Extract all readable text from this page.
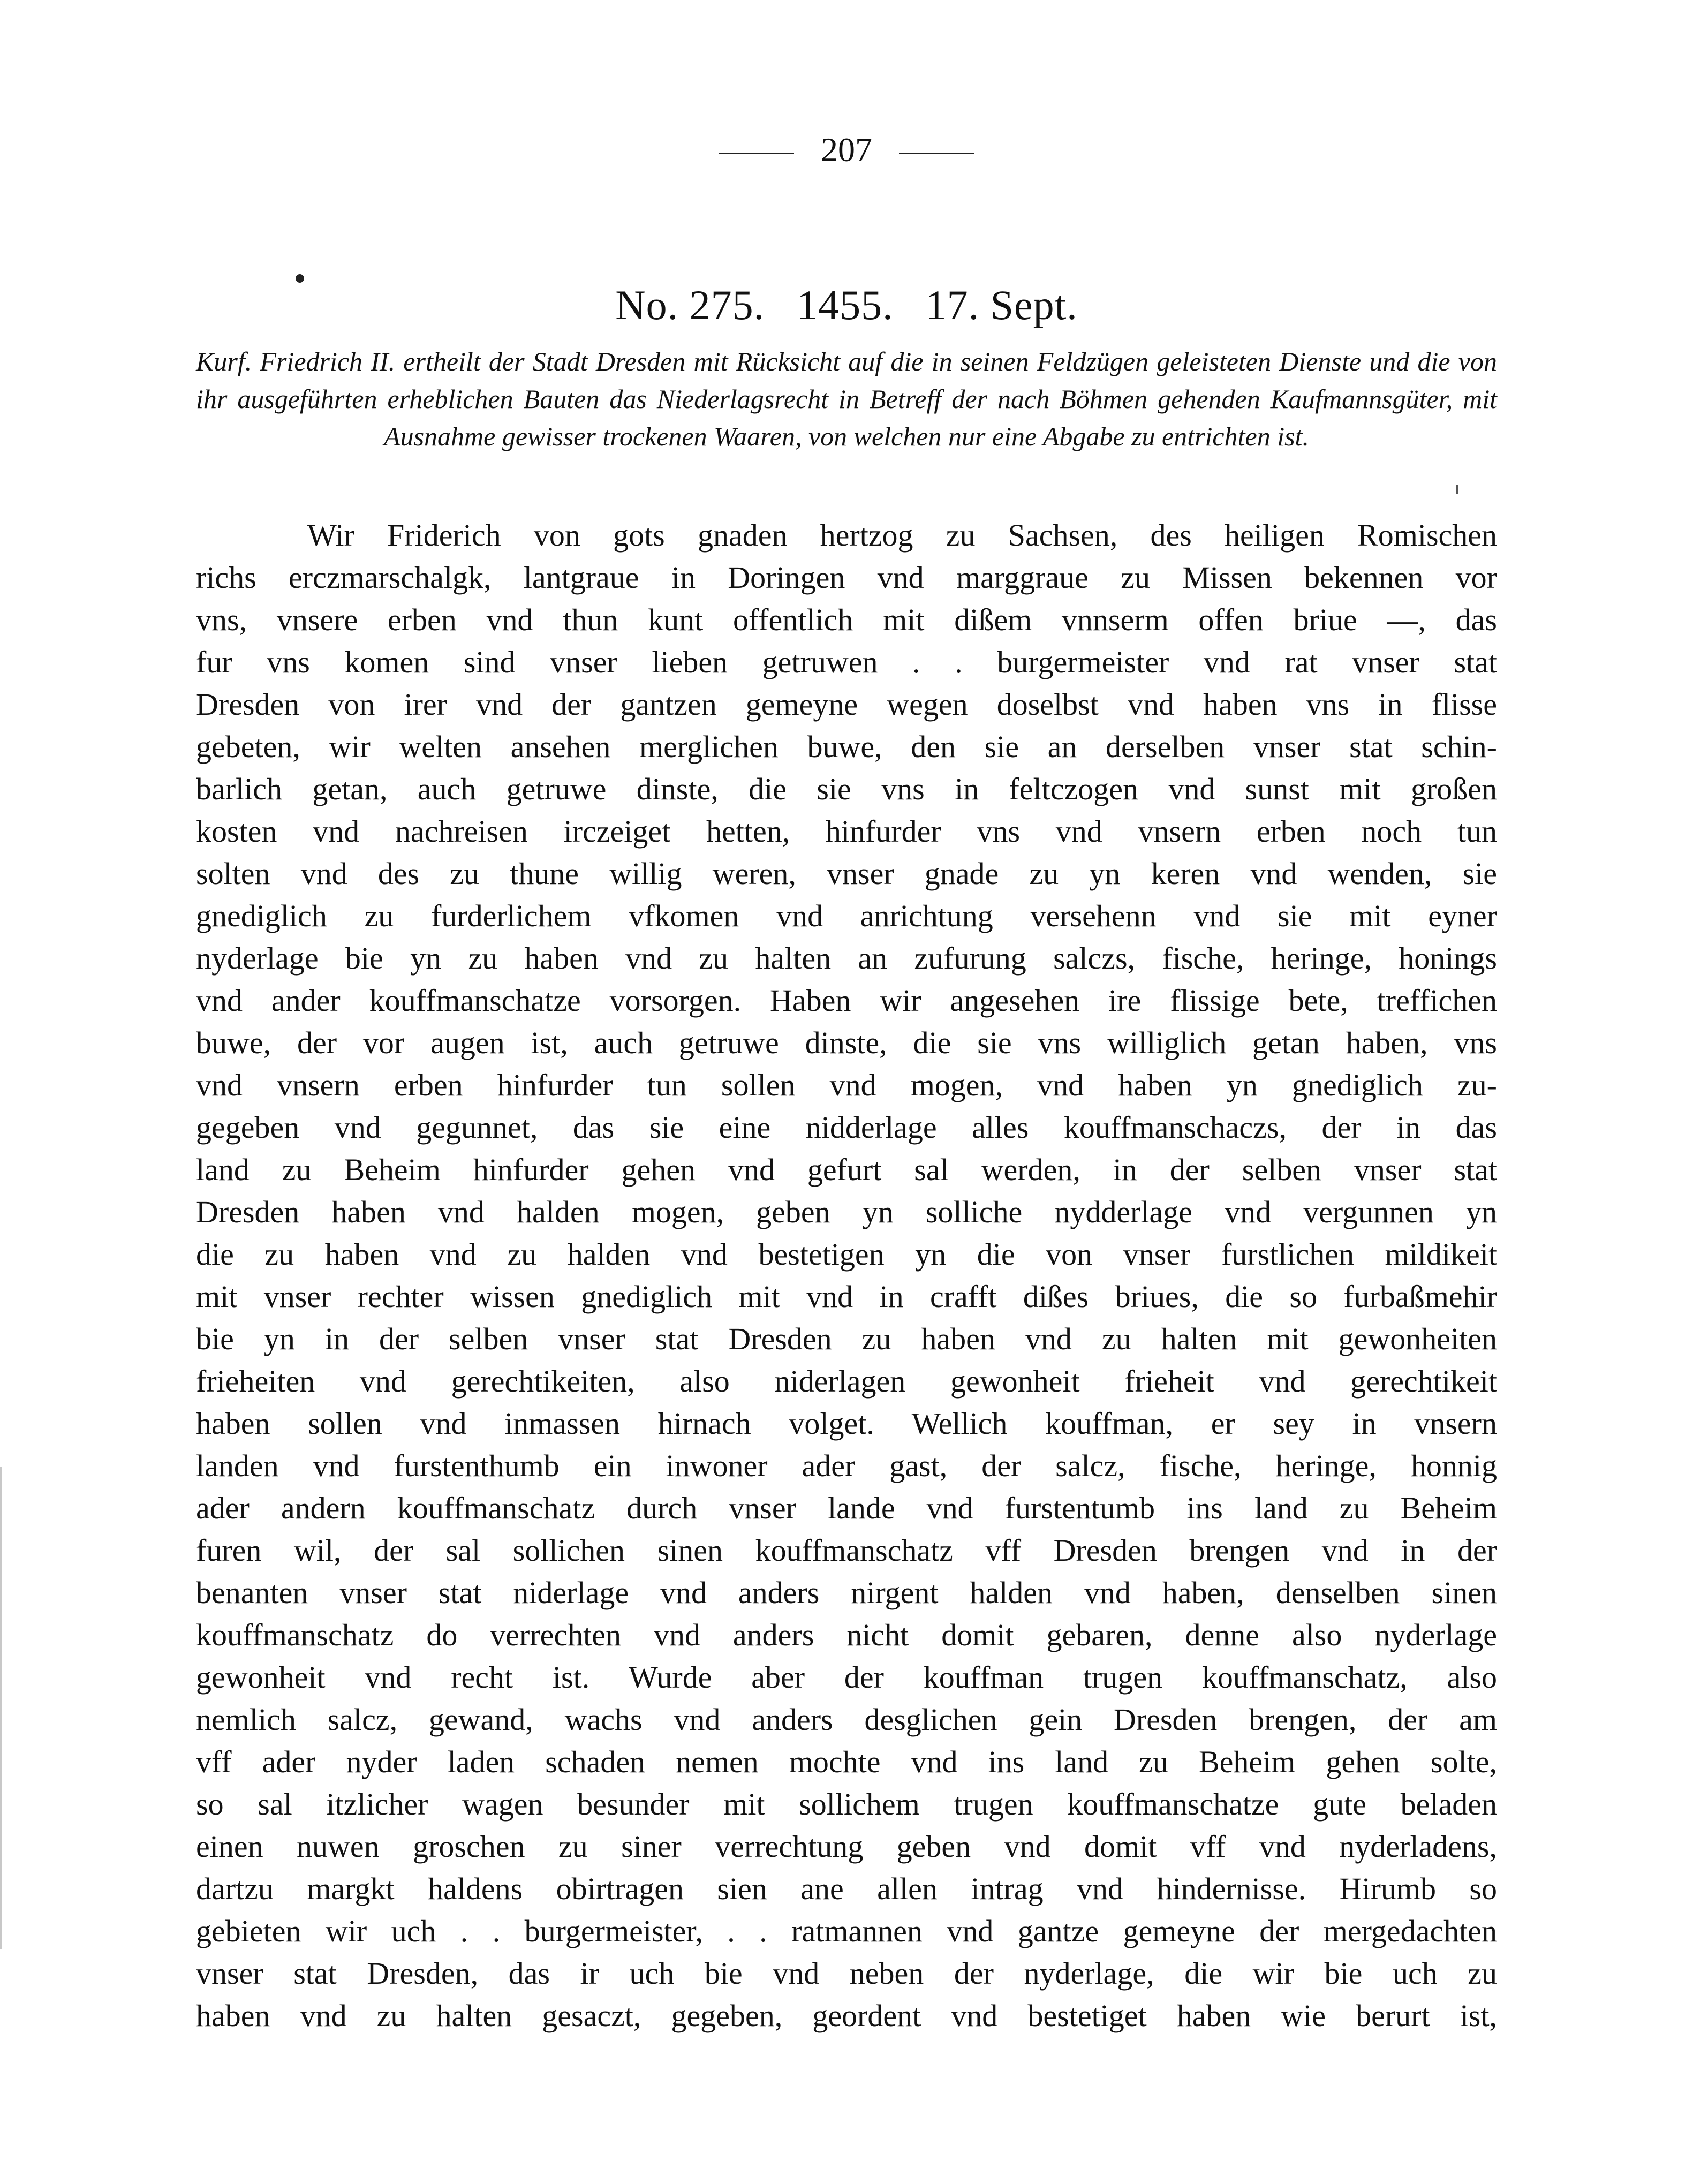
207
No. 275. 1455. 17. Sept.
Kurf. Friedrich II. ertheilt der Stadt Dresden mit Rücksicht auf die in seinen Feldzügen geleisteten Dienste und die von ihr ausgeführten erheblichen Bauten das Niederlagsrecht in Betreff der nach Böhmen gehenden Kaufmannsgüter, mit Ausnahme gewisser trockenen Waaren, von welchen nur eine Abgabe zu entrichten ist.
Wir Friderich von gots gnaden hertzog zu Sachsen, des heiligen Romischen
richs erczmarschalgk, lantgraue in Doringen vnd marggraue zu Missen bekennen vor
vns, vnsere erben vnd thun kunt offentlich mit dißem vnnserm offen briue —, das
fur vns komen sind vnser lieben getruwen . . burgermeister vnd rat vnser stat
Dresden von irer vnd der gantzen gemeyne wegen doselbst vnd haben vns in flisse
gebeten, wir welten ansehen merglichen buwe, den sie an derselben vnser stat schin-
barlich getan, auch getruwe dinste, die sie vns in feltczogen vnd sunst mit großen
kosten vnd nachreisen irczeiget hetten, hinfurder vns vnd vnsern erben noch tun
solten vnd des zu thune willig weren, vnser gnade zu yn keren vnd wenden, sie
gnediglich zu furderlichem vfkomen vnd anrichtung versehenn vnd sie mit eyner
nyderlage bie yn zu haben vnd zu halten an zufurung salczs, fische, heringe, honings
vnd ander kouffmanschatze vorsorgen. Haben wir angesehen ire flissige bete, treffichen
buwe, der vor augen ist, auch getruwe dinste, die sie vns williglich getan haben, vns
vnd vnsern erben hinfurder tun sollen vnd mogen, vnd haben yn gnediglich zu-
gegeben vnd gegunnet, das sie eine nidderlage alles kouffmanschaczs, der in das
land zu Beheim hinfurder gehen vnd gefurt sal werden, in der selben vnser stat
Dresden haben vnd halden mogen, geben yn solliche nydderlage vnd vergunnen yn
die zu haben vnd zu halden vnd bestetigen yn die von vnser furstlichen mildikeit
mit vnser rechter wissen gnediglich mit vnd in crafft dißes briues, die so furbaßmehir
bie yn in der selben vnser stat Dresden zu haben vnd zu halten mit gewonheiten
frieheiten vnd gerechtikeiten, also niderlagen gewonheit frieheit vnd gerechtikeit
haben sollen vnd inmassen hirnach volget. Wellich kouffman, er sey in vnsern
landen vnd furstenthumb ein inwoner ader gast, der salcz, fische, heringe, honnig
ader andern kouffmanschatz durch vnser lande vnd furstentumb ins land zu Beheim
furen wil, der sal sollichen sinen kouffmanschatz vff Dresden brengen vnd in der
benanten vnser stat niderlage vnd anders nirgent halden vnd haben, denselben sinen
kouffmanschatz do verrechten vnd anders nicht domit gebaren, denne also nyderlage
gewonheit vnd recht ist. Wurde aber der kouffman trugen kouffmanschatz, also
nemlich salcz, gewand, wachs vnd anders desglichen gein Dresden brengen, der am
vff ader nyder laden schaden nemen mochte vnd ins land zu Beheim gehen solte,
so sal itzlicher wagen besunder mit sollichem trugen kouffmanschatze gute beladen
einen nuwen groschen zu siner verrechtung geben vnd domit vff vnd nyderladens,
dartzu margkt haldens obirtragen sien ane allen intrag vnd hindernisse. Hirumb so
gebieten wir uch . . burgermeister, . . ratmannen vnd gantze gemeyne der mergedachten
vnser stat Dresden, das ir uch bie vnd neben der nyderlage, die wir bie uch zu
haben vnd zu halten gesaczt, gegeben, geordent vnd bestetiget haben wie berurt ist,
